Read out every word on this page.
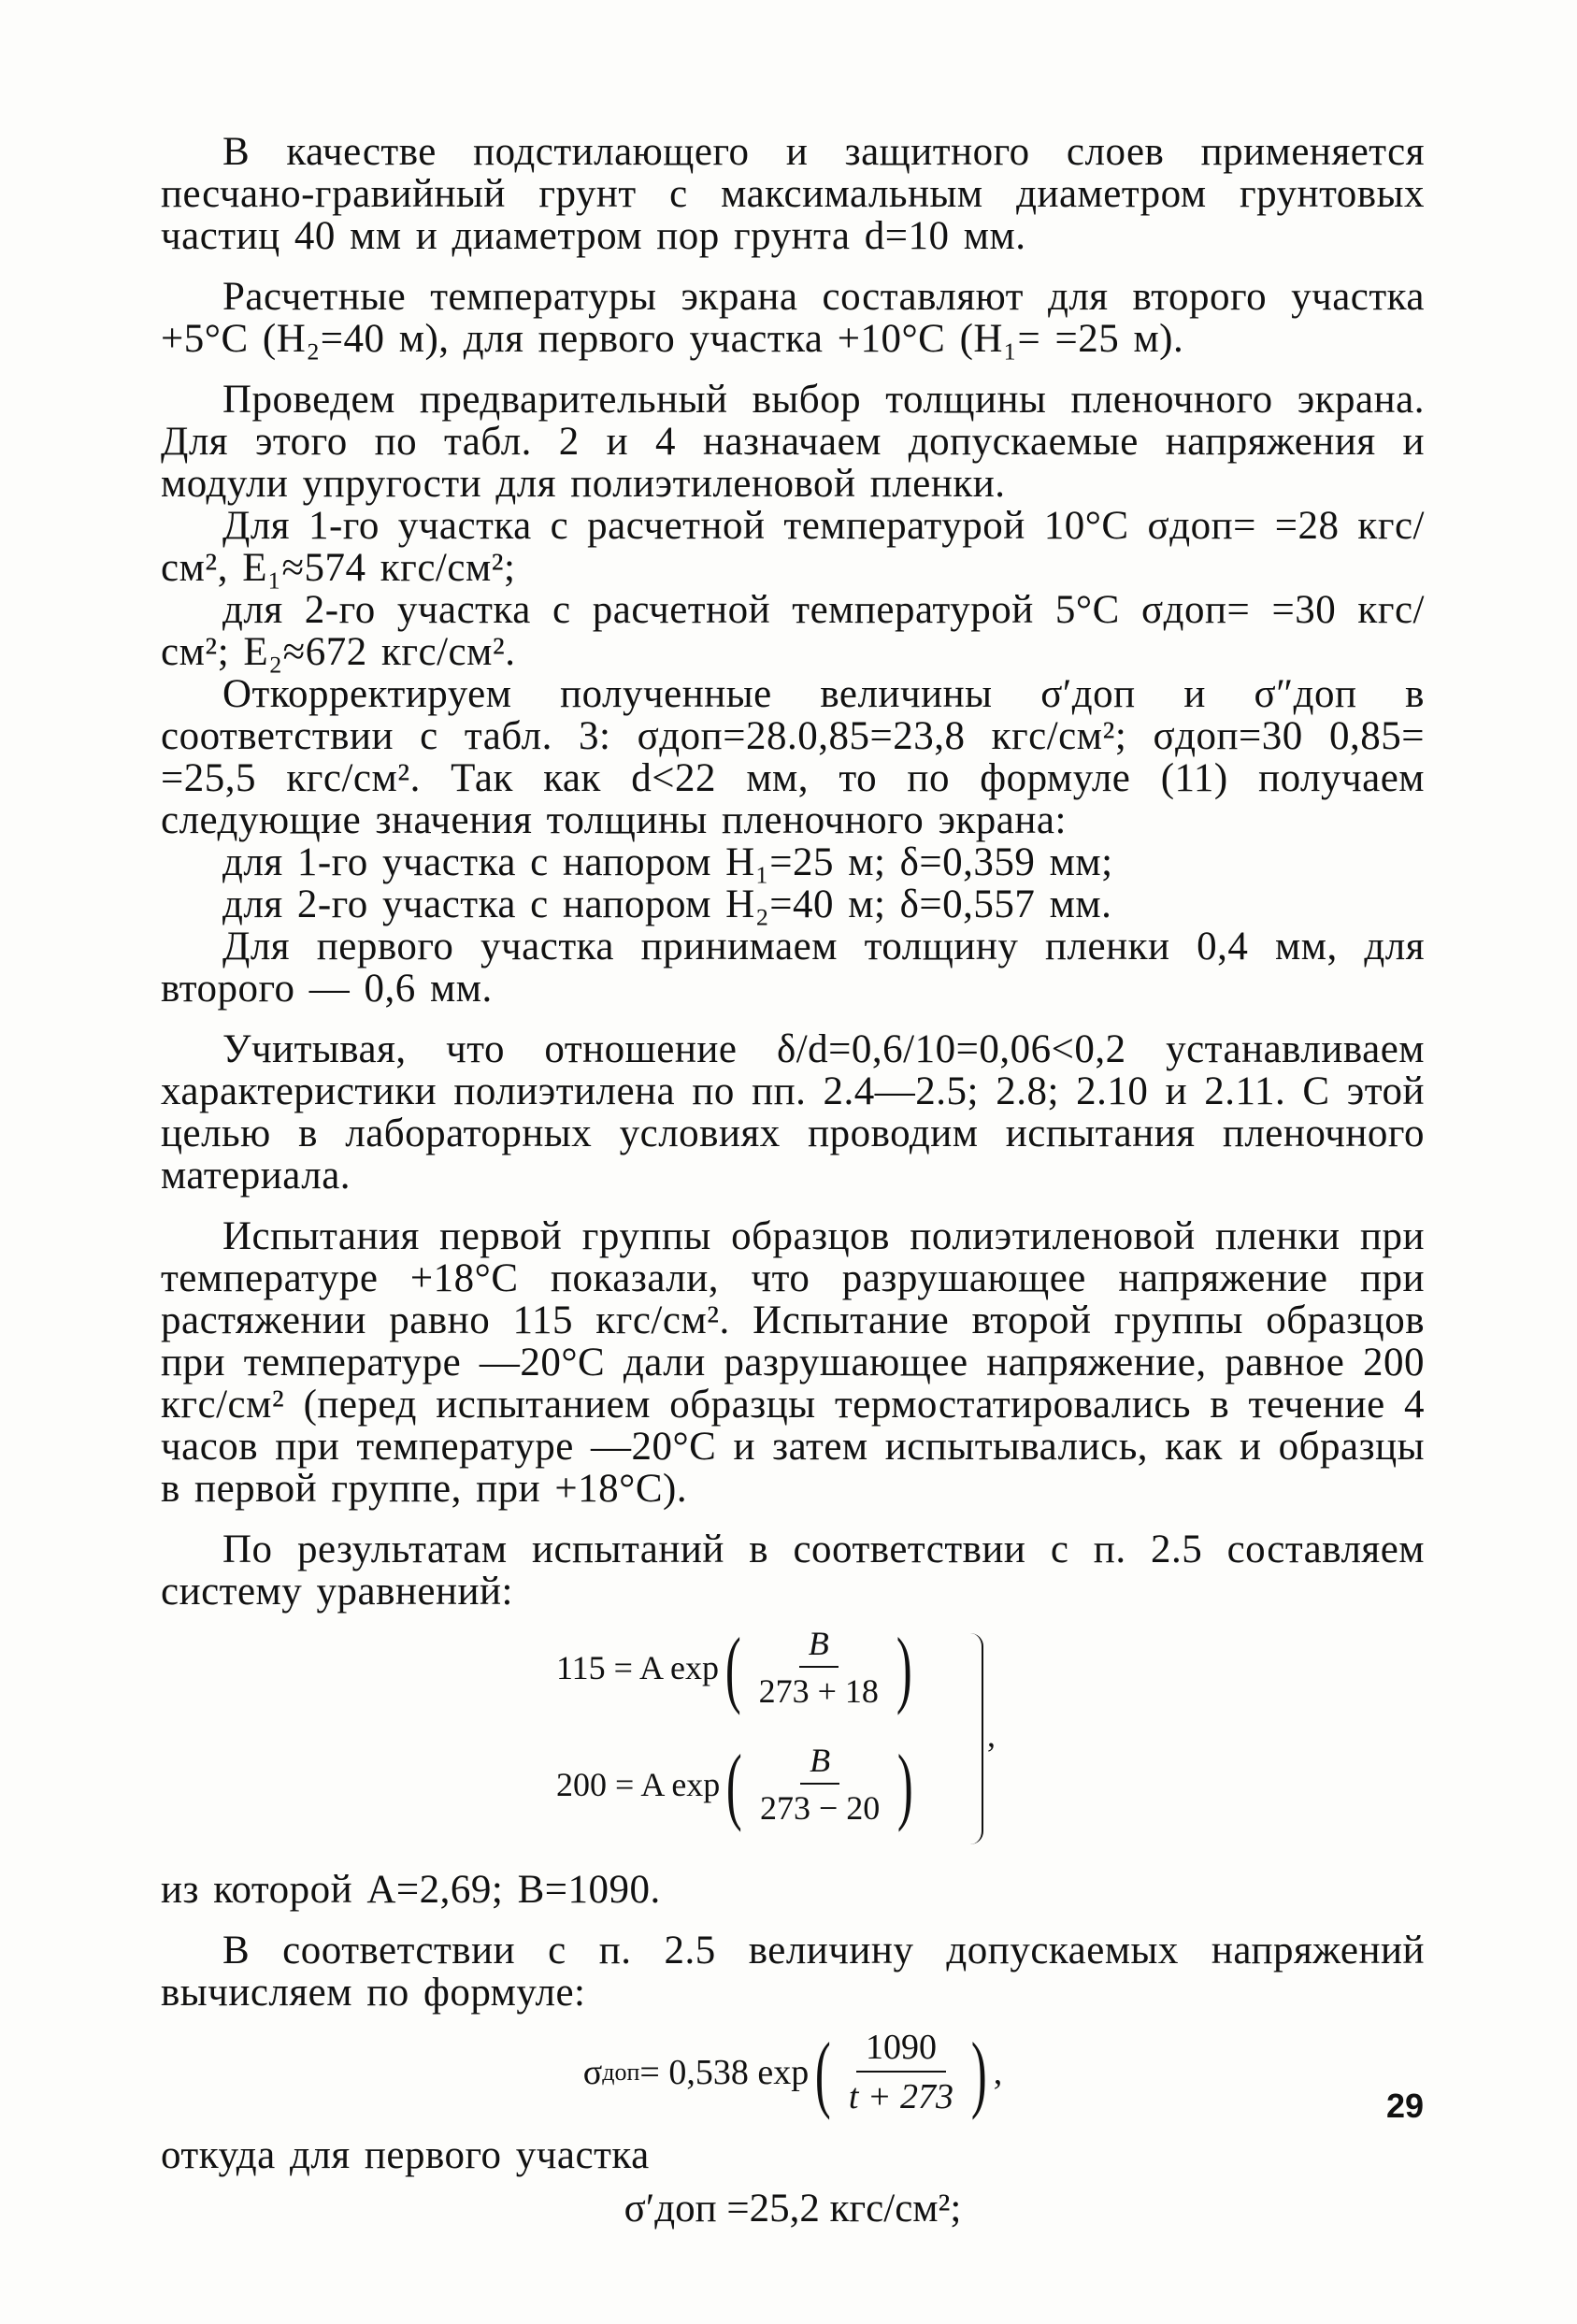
В качестве подстилающего и защитного слоев применяется песчано-гравийный грунт с максимальным диаметром грунтовых частиц 40 мм и диаметром пор грунта d=10 мм.

Расчетные температуры экрана составляют для второго участка +5°С (H₂=40 м), для первого участка +10°С (H₁= =25 м).

Проведем предварительный выбор толщины пленочного экрана. Для этого по табл. 2 и 4 назначаем допускаемые напряжения и модули упругости для полиэтиленовой пленки.

Для 1-го участка с расчетной температурой 10°С σдоп= =28 кгс/см², E₁≈574 кгс/см²;

для 2-го участка с расчетной температурой 5°С σдоп= =30 кгс/см²; E₂≈672 кгс/см².

Откорректируем полученные величины σ′доп и σ″доп в соответствии с табл. 3: σдоп=28.0,85=23,8 кгс/см²; σдоп=30 0,85= =25,5 кгс/см². Так как d<22 мм, то по формуле (11) получаем следующие значения толщины пленочного экрана:

для 1-го участка с напором H₁=25 м; δ=0,359 мм;

для 2-го участка с напором H₂=40 м; δ=0,557 мм.

Для первого участка принимаем толщину пленки 0,4 мм, для второго — 0,6 мм.

Учитывая, что отношение δ/d=0,6/10=0,06<0,2 устанавливаем характеристики полиэтилена по пп. 2.4—2.5; 2.8; 2.10 и 2.11. С этой целью в лабораторных условиях проводим испытания пленочного материала.

Испытания первой группы образцов полиэтиленовой пленки при температуре +18°С показали, что разрушающее напряжение при растяжении равно 115 кгс/см². Испытание второй группы образцов при температуре —20°С дали разрушающее напряжение, равное 200 кгс/см² (перед испытанием образцы термостатировались в течение 4 часов при температуре —20°С и затем испытывались, как и образцы в первой группе, при +18°С).

По результатам испытаний в соответствии с п. 2.5 составляем систему уравнений:

115 = A exp ( $\frac{B}{273 + 18}$ )
200 = A exp ( $\frac{B}{273 - 20}$ )
,

из которой A=2,69; B=1090.

В соответствии с п. 2.5 величину допускаемых напряжений вычисляем по формуле:

σ доп = 0,538 exp ( $\frac{1090}{t + 273}$ ) ,

откуда для первого участка

σ′доп =25,2 кгс/см²;
29
